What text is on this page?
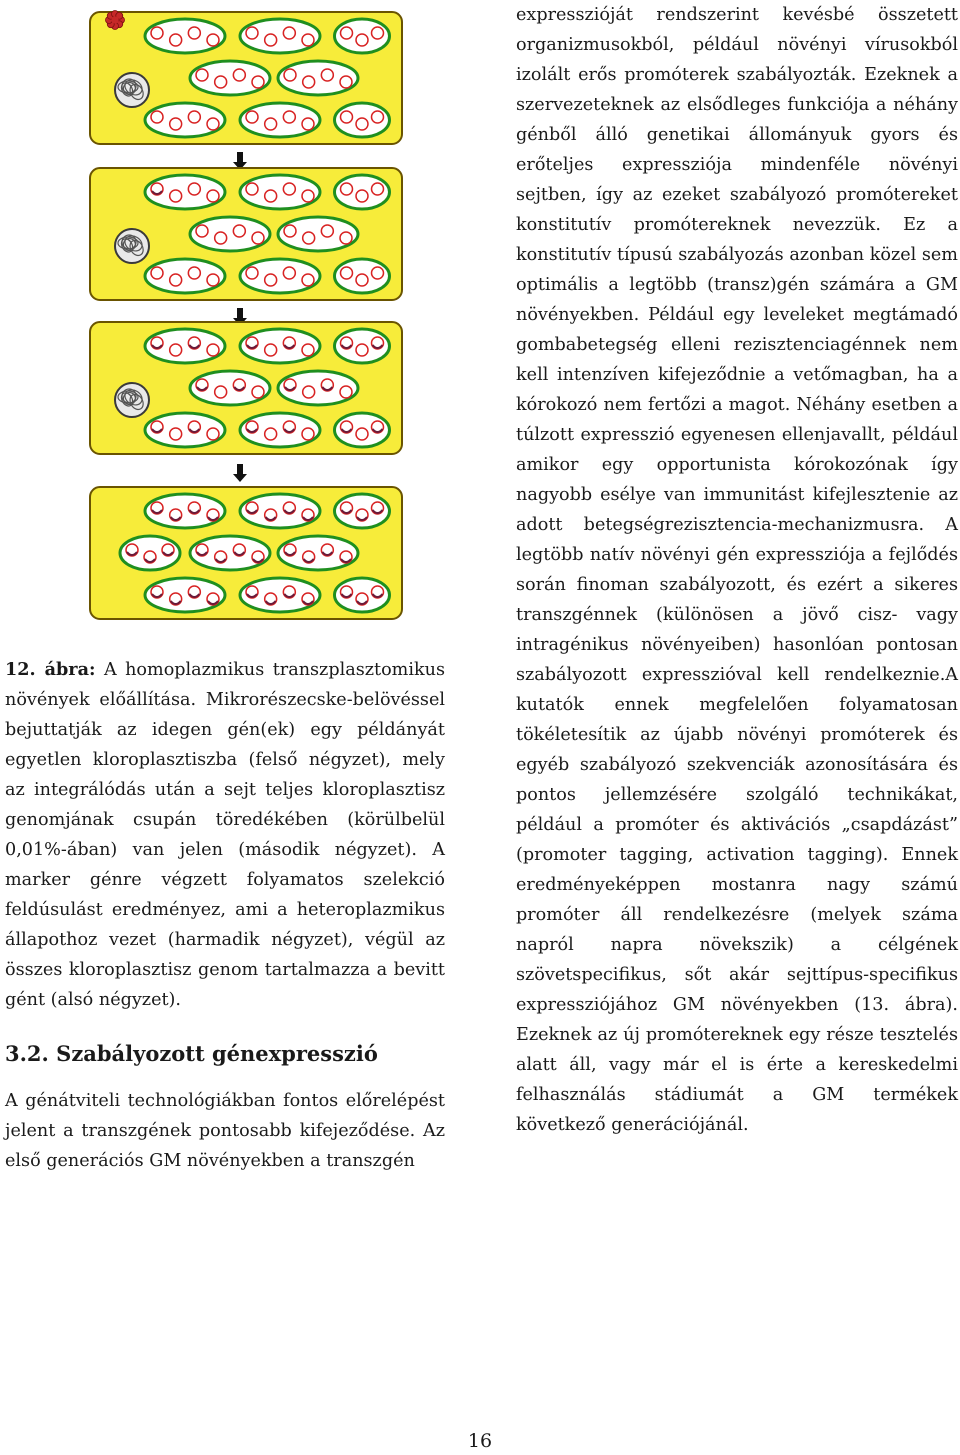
12. ábra: A homoplazmikus transzplasztomikus növények előállítása. Mikrorészecske-belövéssel bejuttatják az idegen gén(ek) egy példányát egyetlen kloroplasztiszba (felső négyzet), mely az integrálódás után a sejt teljes kloroplasztisz genomjának csupán töredékében (körülbelül 0,01%-ában) van jelen (második négyzet). A marker génre végzett folyamatos szelekció feldúsulást eredményez, ami a heteroplazmikus állapothoz vezet (harmadik négyzet), végül az összes kloroplasztisz genom tartalmazza a bevitt gént (alsó négyzet).

3.2. Szabályozott génexpresszió

A génátviteli technológiákban fontos előrelépést jelent a transzgének pontosabb kifejeződése. Az első generációs GM növényekben a transzgén

expresszióját rendszerint kevésbé összetett organizmusokból, például növényi vírusokból izolált erős promóterek szabályozták. Ezeknek a szervezeteknek az elsődleges funkciója a néhány génből álló genetikai állományuk gyors és erőteljes expressziója mindenféle növényi sejtben, így az ezeket szabályozó promótereket konstitutív promótereknek nevezzük. Ez a konstitutív típusú szabályozás azonban közel sem optimális a legtöbb (transz)gén számára a GM növényekben. Például egy leveleket megtámadó gombabetegség elleni rezisztenciagénnek nem kell intenzíven kifejeződnie a vetőmagban, ha a kórokozó nem fertőzi a magot. Néhány esetben a túlzott expresszió egyenesen ellenjavallt, például amikor egy opportunista kórokozónak így nagyobb esélye van immunitást kifejlesztenie az adott betegségrezisztencia-mechanizmusra. A legtöbb natív növényi gén expressziója a fejlődés során finoman szabályozott, és ezért a sikeres transzgénnek (különösen a jövő cisz- vagy intragénikus növényeiben) hasonlóan pontosan szabályozott expresszióval kell rendelkeznie.A kutatók ennek megfelelően folyamatosan tökéletesítik az újabb növényi promóterek és egyéb szabályozó szekvenciák azonosítására és pontos jellemzésére szolgáló technikákat, például a promóter és aktivációs „csapdázást” (promoter tagging, activation tagging). Ennek eredményeképpen mostanra nagy számú promóter áll rendelkezésre (melyek száma napról napra növekszik) a célgének szövetspecifikus, sőt akár sejttípus-specifikus expressziójához GM növényekben (13. ábra). Ezeknek az új promótereknek egy része tesztelés alatt áll, vagy már el is érte a kereskedelmi felhasználás stádiumát a GM termékek következő generációjánál.

16
